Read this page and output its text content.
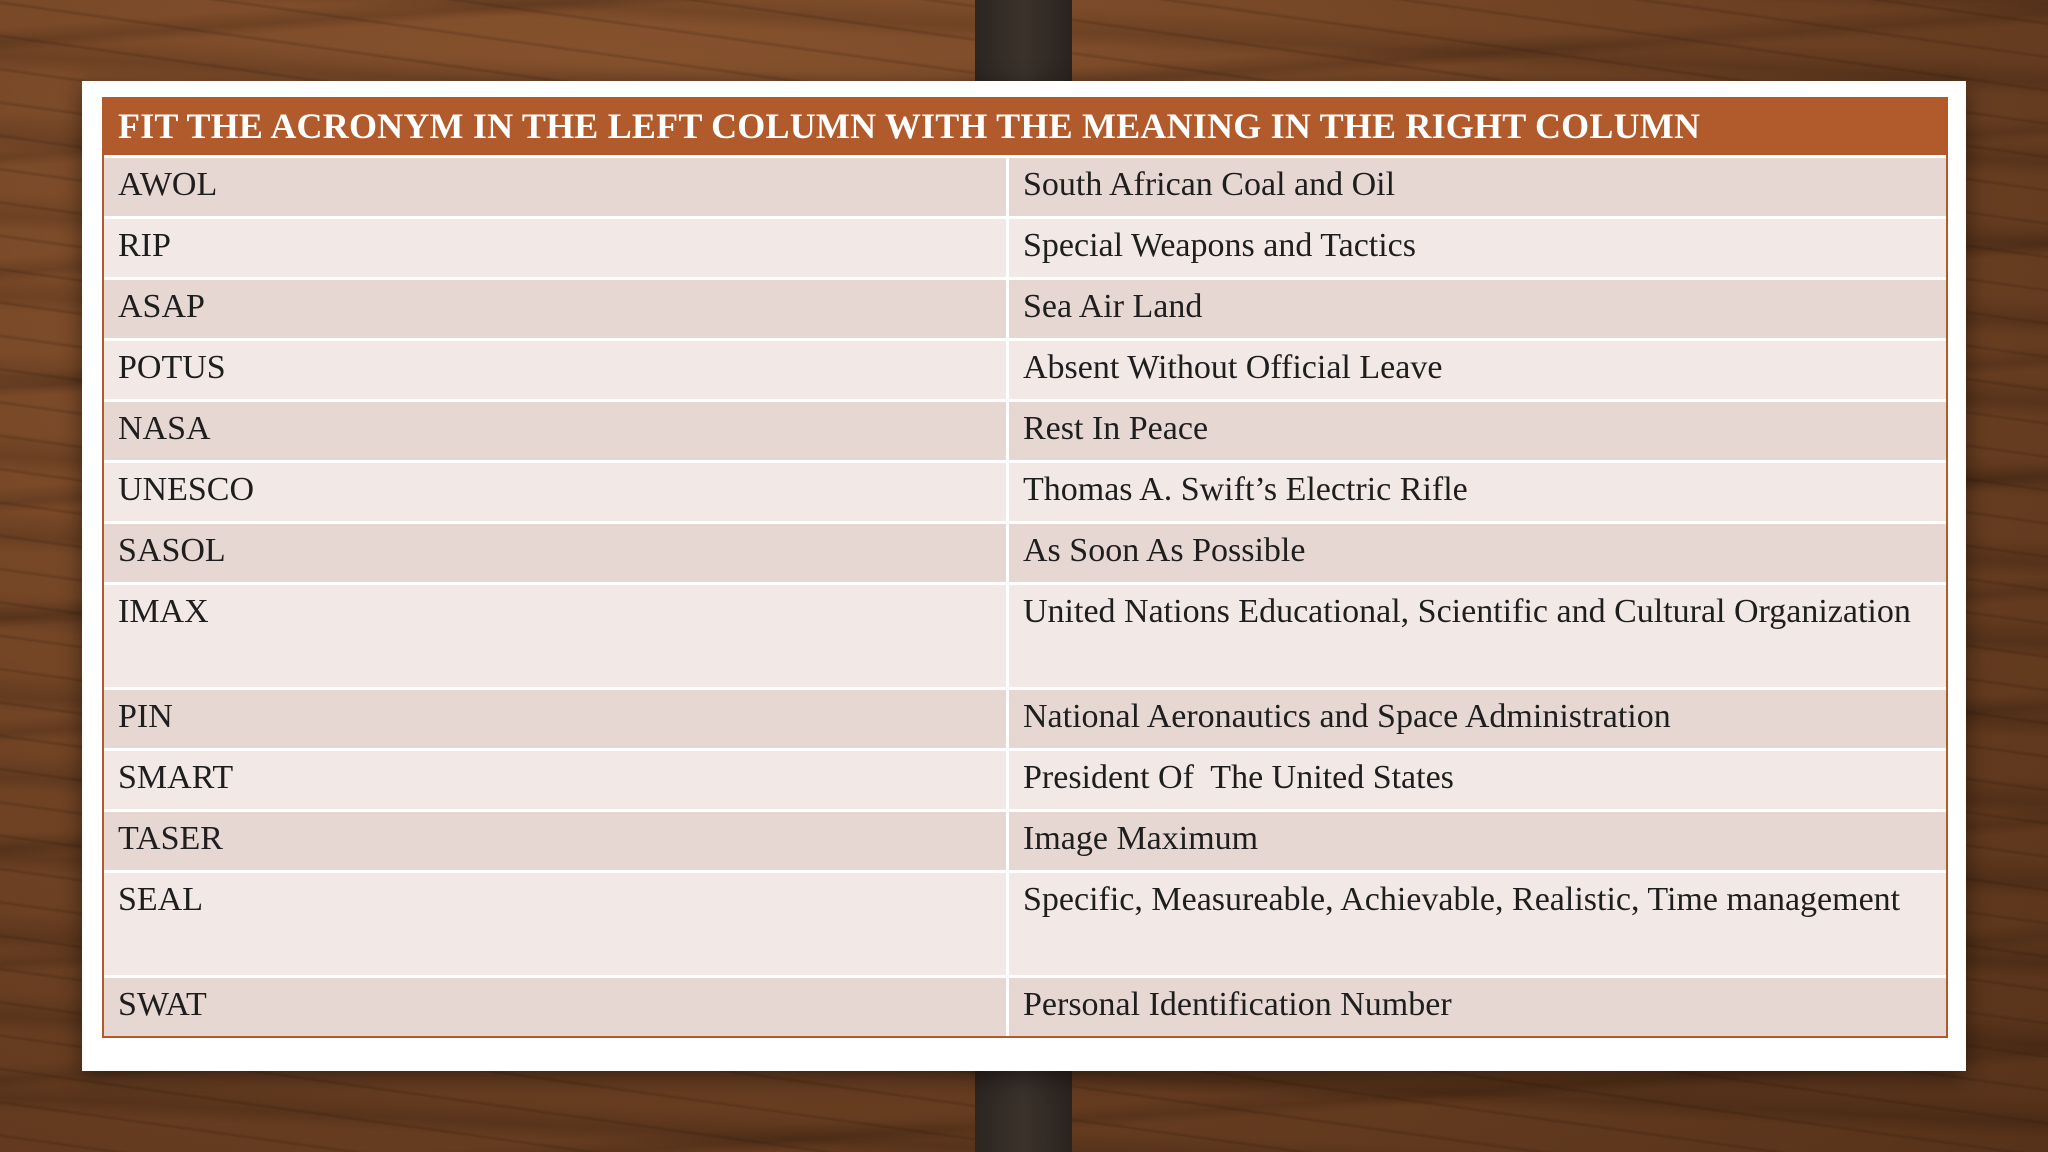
FIT THE ACRONYM IN THE LEFT COLUMN WITH THE MEANING IN THE RIGHT COLUMN
AWOL	South African Coal and Oil
RIP	Special Weapons and Tactics
ASAP	Sea Air Land
POTUS	Absent Without Official Leave
NASA	Rest In Peace
UNESCO	Thomas A. Swift’s Electric Rifle
SASOL	As Soon As Possible
IMAX	United Nations Educational, Scientific and Cultural Organization
PIN	National Aeronautics and Space Administration
SMART	President Of  The United States
TASER	Image Maximum
SEAL	Specific, Measureable, Achievable, Realistic, Time management
SWAT	Personal Identification Number
